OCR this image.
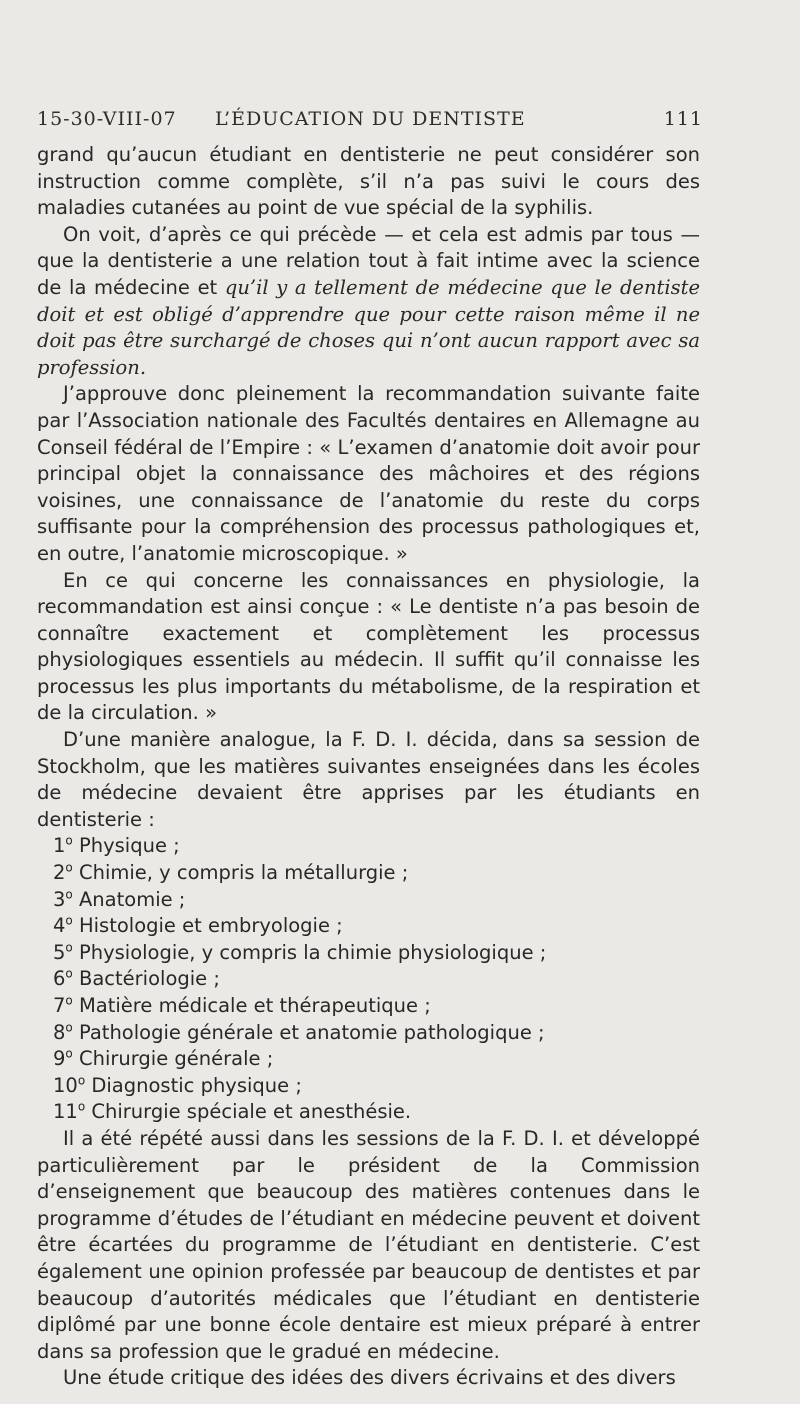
15-30-VIII-07 L’ÉDUCATION DU DENTISTE	111

grand qu’aucun étudiant en dentisterie ne peut considérer son instruction comme complète, s’il n’a pas suivi le cours des maladies cutanées au point de vue spécial de la syphilis.

On voit, d’après ce qui précède — et cela est admis par tous — que la dentisterie a une relation tout à fait intime avec la science de la médecine et qu’il y a tellement de médecine que le dentiste doit et est obligé d’apprendre que pour cette raison même il ne doit pas être surchargé de choses qui n’ont aucun rapport avec sa profession.

J’approuve donc pleinement la recommandation suivante faite par l’Association nationale des Facultés dentaires en Allemagne au Conseil fédéral de l’Empire : « L’examen d’anatomie doit avoir pour principal objet la connaissance des mâchoires et des régions voisines, une connaissance de l’anatomie du reste du corps suffisante pour la compréhension des processus pathologiques et, en outre, l’anatomie microscopique. »

En ce qui concerne les connaissances en physiologie, la recommandation est ainsi conçue : « Le dentiste n’a pas besoin de connaître exactement et complètement les processus physiologiques essentiels au médecin. Il suffit qu’il connaisse les processus les plus importants du métabolisme, de la respiration et de la circulation. »

D’une manière analogue, la F. D. I. décida, dans sa session de Stockholm, que les matières suivantes enseignées dans les écoles de médecine devaient être apprises par les étudiants en dentisterie :

1$^o$ Physique ;
2$^o$ Chimie, y compris la métallurgie ;
3$^o$ Anatomie ;
4$^o$ Histologie et embryologie ;
5$^o$ Physiologie, y compris la chimie physiologique ;
6$^o$ Bactériologie ;
7$^o$ Matière médicale et thérapeutique ;
8$^o$ Pathologie générale et anatomie pathologique ;
9$^o$ Chirurgie générale ;
10$^o$ Diagnostic physique ;
11$^o$ Chirurgie spéciale et anesthésie.

Il a été répété aussi dans les sessions de la F. D. I. et développé particulièrement par le président de la Commission d’enseignement que beaucoup des matières contenues dans le programme d’études de l’étudiant en médecine peuvent et doivent être écartées du programme de l’étudiant en dentisterie. C’est également une opinion professée par beaucoup de dentistes et par beaucoup d’autorités médicales que l’étudiant en dentisterie diplômé par une bonne école dentaire est mieux préparé à entrer dans sa profession que le gradué en médecine.

Une étude critique des idées des divers écrivains et des divers
